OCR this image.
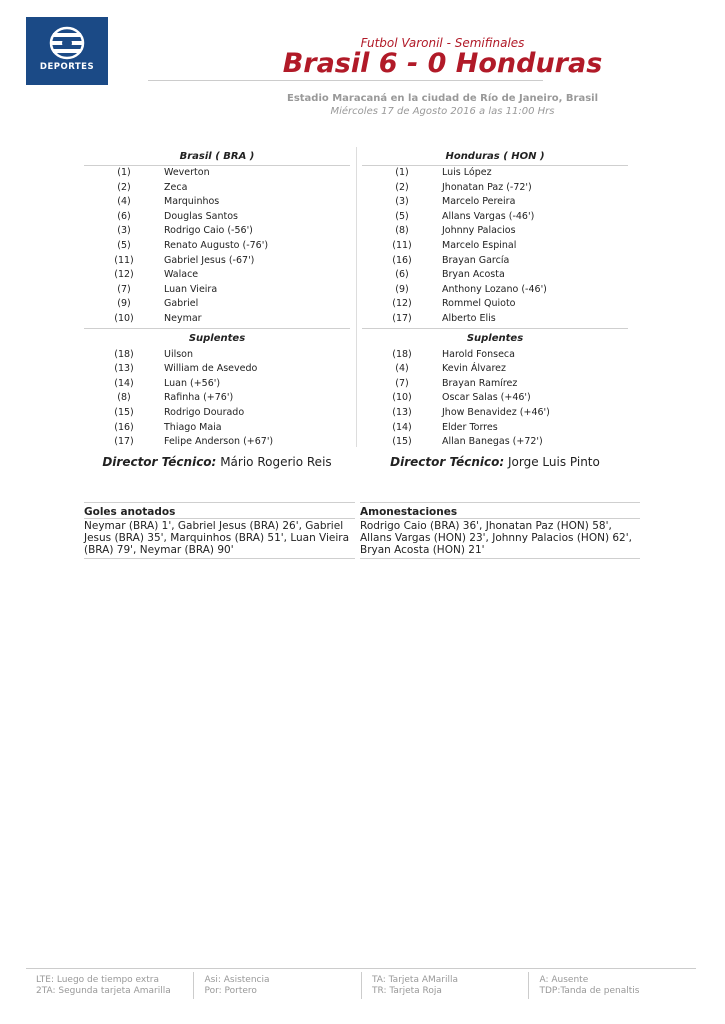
DEPORTES
Futbol Varonil - Semifinales
Brasil 6 - 0 Honduras
Estadio Maracaná en la ciudad de Río de Janeiro, Brasil
Miércoles 17 de Agosto 2016 a las 11:00 Hrs
Brasil ( BRA )
(1)	Weverton
(2)	Zeca
(4)	Marquinhos
(6)	Douglas Santos
(3)	Rodrigo Caio (-56')
(5)	Renato Augusto (-76')
(11)	Gabriel Jesus (-67')
(12)	Walace
(7)	Luan Vieira
(9)	Gabriel
(10)	Neymar
Suplentes
(18)	Uilson
(13)	William de Asevedo
(14)	Luan (+56')
(8)	Rafinha (+76')
(15)	Rodrigo Dourado
(16)	Thiago Maia
(17)	Felipe Anderson (+67')
Honduras ( HON )
(1)	Luis López
(2)	Jhonatan Paz (-72')
(3)	Marcelo Pereira
(5)	Allans Vargas (-46')
(8)	Johnny Palacios
(11)	Marcelo Espinal
(16)	Brayan García
(6)	Bryan Acosta
(9)	Anthony Lozano (-46')
(12)	Rommel Quioto
(17)	Alberto Elis
Suplentes
(18)	Harold Fonseca
(4)	Kevin Álvarez
(7)	Brayan Ramírez
(10)	Oscar Salas (+46')
(13)	Jhow Benavidez (+46')
(14)	Elder Torres
(15)	Allan Banegas (+72')
Director Técnico: Mário Rogerio Reis	Director Técnico: Jorge Luis Pinto
Goles anotados
Neymar (BRA) 1', Gabriel Jesus (BRA) 26', Gabriel Jesus (BRA) 35', Marquinhos (BRA) 51', Luan Vieira (BRA) 79', Neymar (BRA) 90'
Amonestaciones
Rodrigo Caio (BRA) 36', Jhonatan Paz (HON) 58', Allans Vargas (HON) 23', Johnny Palacios (HON) 62', Bryan Acosta (HON) 21'
LTE: Luego de tiempo extra
2TA: Segunda tarjeta Amarilla
Asi: Asistencia
Por: Portero
TA: Tarjeta AMarilla
TR: Tarjeta Roja
A: Ausente
TDP:Tanda de penaltis
